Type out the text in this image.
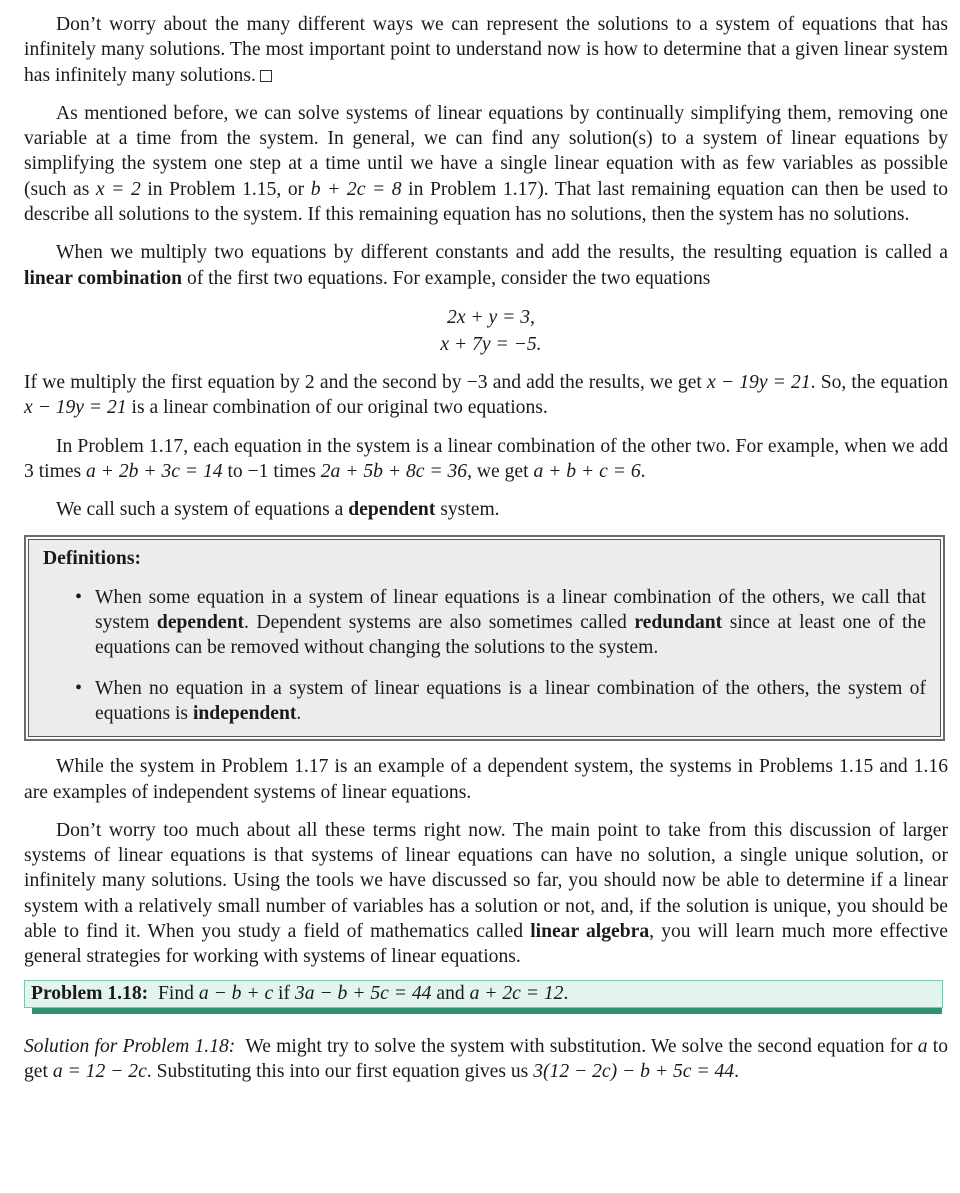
Don’t worry about the many different ways we can represent the solutions to a system of equations that has infinitely many solutions. The most important point to understand now is how to determine that a given linear system has infinitely many solutions.

As mentioned before, we can solve systems of linear equations by continually simplifying them, removing one variable at a time from the system. In general, we can find any solution(s) to a system of linear equations by simplifying the system one step at a time until we have a single linear equation with as few variables as possible (such as x = 2 in Problem 1.15, or b + 2c = 8 in Problem 1.17). That last remaining equation can then be used to describe all solutions to the system. If this remaining equation has no solutions, then the system has no solutions.

When we multiply two equations by different constants and add the results, the resulting equation is called a linear combination of the first two equations. For example, consider the two equations

2x + y = 3,
x + 7y = −5.

If we multiply the first equation by 2 and the second by −3 and add the results, we get x − 19y = 21. So, the equation x − 19y = 21 is a linear combination of our original two equations.

In Problem 1.17, each equation in the system is a linear combination of the other two. For example, when we add 3 times a + 2b + 3c = 14 to −1 times 2a + 5b + 8c = 36, we get a + b + c = 6.

We call such a system of equations a dependent system.

Definitions:
• When some equation in a system of linear equations is a linear combination of the others, we call that system dependent. Dependent systems are also sometimes called redundant since at least one of the equations can be removed without changing the solutions to the system.
• When no equation in a system of linear equations is a linear combination of the others, the system of equations is independent.

While the system in Problem 1.17 is an example of a dependent system, the systems in Problems 1.15 and 1.16 are examples of independent systems of linear equations.

Don’t worry too much about all these terms right now. The main point to take from this discussion of larger systems of linear equations is that systems of linear equations can have no solution, a single unique solution, or infinitely many solutions. Using the tools we have discussed so far, you should now be able to determine if a linear system with a relatively small number of variables has a solution or not, and, if the solution is unique, you should be able to find it. When you study a field of mathematics called linear algebra, you will learn much more effective general strategies for working with systems of linear equations.

Problem 1.18: Find a − b + c if 3a − b + 5c = 44 and a + 2c = 12.

Solution for Problem 1.18: We might try to solve the system with substitution. We solve the second equation for a to get a = 12 − 2c. Substituting this into our first equation gives us 3(12 − 2c) − b + 5c = 44.
